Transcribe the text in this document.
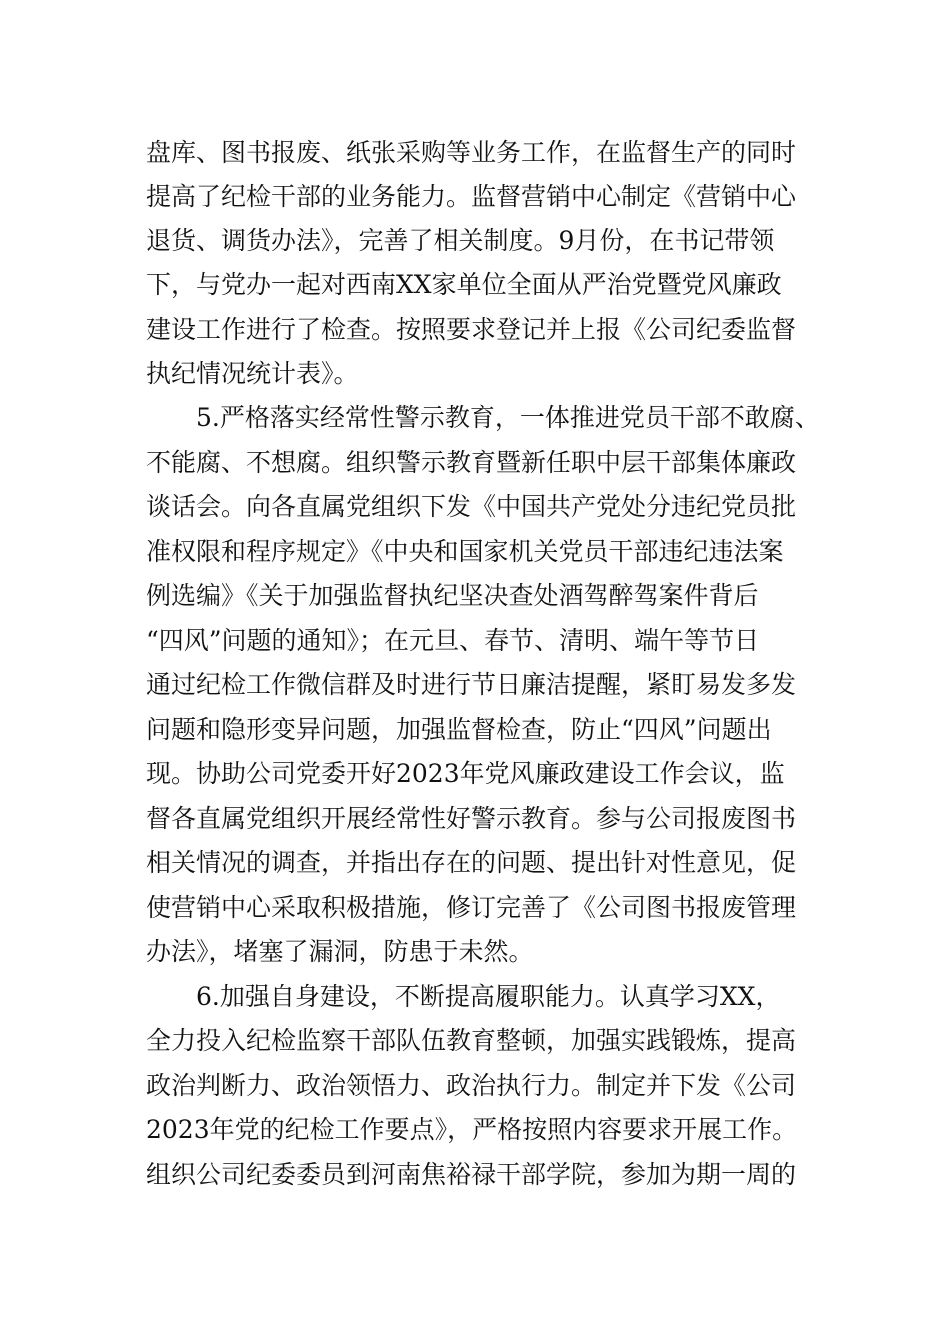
盘库、图书报废、纸张采购等业务工作，在监督生产的同时
提高了纪检干部的业务能力。监督营销中心制定《营销中心
退货、调货办法》，完善了相关制度。9月份，在书记带领
下，与党办一起对西南XX家单位全面从严治党暨党风廉政
建设工作进行了检查。按照要求登记并上报《公司纪委监督
执纪情况统计表》。
5.严格落实经常性警示教育，一体推进党员干部不敢腐、
不能腐、不想腐。组织警示教育暨新任职中层干部集体廉政
谈话会。向各直属党组织下发《中国共产党处分违纪党员批
准权限和程序规定》《中央和国家机关党员干部违纪违法案
例选编》《关于加强监督执纪坚决查处酒驾醉驾案件背后
“四风”问题的通知》；在元旦、春节、清明、端午等节日
通过纪检工作微信群及时进行节日廉洁提醒，紧盯易发多发
问题和隐形变异问题，加强监督检查，防止“四风”问题出
现。协助公司党委开好2023年党风廉政建设工作会议，监
督各直属党组织开展经常性好警示教育。参与公司报废图书
相关情况的调查，并指出存在的问题、提出针对性意见，促
使营销中心采取积极措施，修订完善了《公司图书报废管理
办法》，堵塞了漏洞，防患于未然。
6.加强自身建设，不断提高履职能力。认真学习XX，
全力投入纪检监察干部队伍教育整顿，加强实践锻炼，提高
政治判断力、政治领悟力、政治执行力。制定并下发《公司
2023年党的纪检工作要点》，严格按照内容要求开展工作。
组织公司纪委委员到河南焦裕禄干部学院，参加为期一周的
